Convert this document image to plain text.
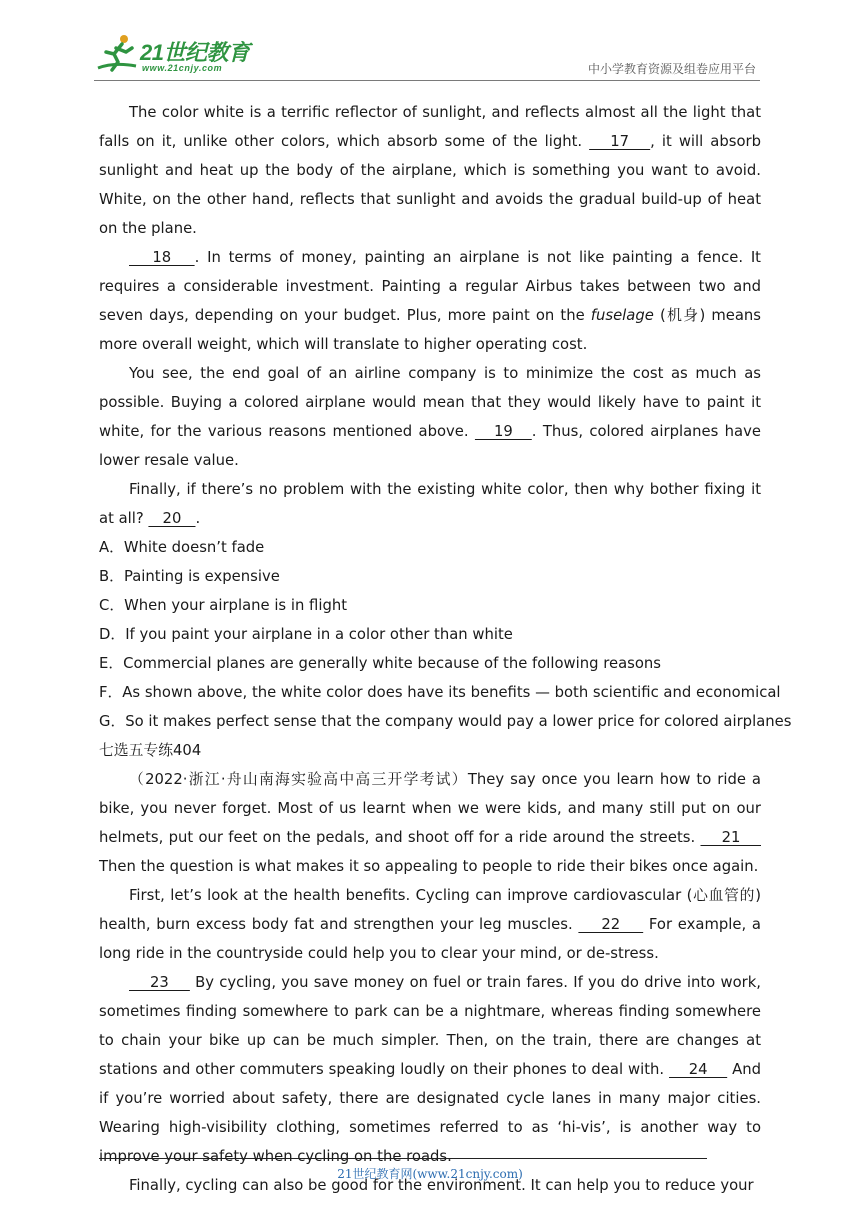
21世纪教育
www.21cnjy.com	中小学教育资源及组卷应用平台

The color white is a terrific reflector of sunlight, and reflects almost all the light that falls on it, unlike other colors, which absorb some of the light.    17   , it will absorb sunlight and heat up the body of the airplane, which is something you want to avoid. White, on the other hand, reflects that sunlight and avoids the gradual build-up of heat on the plane.

18   . In terms of money, painting an airplane is not like painting a fence. It requires a considerable investment. Painting a regular Airbus takes between two and seven days, depending on your budget. Plus, more paint on the fuselage (机身) means more overall weight, which will translate to higher operating cost.

You see, the end goal of an airline company is to minimize the cost as much as possible. Buying a colored airplane would mean that they would likely have to paint it white, for the various reasons mentioned above.    19   . Thus, colored airplanes have lower resale value.

Finally, if there’s no problem with the existing white color, then why bother fixing it at all?    20   .

A．White doesn’t fade

B．Painting is expensive

C．When your airplane is in flight

D．If you paint your airplane in a color other than white

E．Commercial planes are generally white because of the following reasons

F．As shown above, the white color does have its benefits — both scientific and economical

G．So it makes perfect sense that the company would pay a lower price for colored airplanes

七选五专练404

（2022·浙江·舟山南海实验高中高三开学考试）They say once you learn how to ride a bike, you never forget. Most of us learnt when we were kids, and many still put on our helmets, put our feet on the pedals, and shoot off for a ride around the streets.     21     Then the question is what makes it so appealing to people to ride their bikes once again.

First, let’s look at the health benefits. Cycling can improve cardiovascular (心血管的) health, burn excess body fat and strengthen your leg muscles.     22     For example, a long ride in the countryside could help you to clear your mind, or de-stress.

23     By cycling, you save money on fuel or train fares. If you do drive into work, sometimes finding somewhere to park can be a nightmare, whereas finding somewhere to chain your bike up can be much simpler. Then, on the train, there are changes at stations and other commuters speaking loudly on their phones to deal with.     24     And if you’re worried about safety, there are designated cycle lanes in many major cities. Wearing high-visibility clothing, sometimes referred to as ‘hi-vis’, is another way to improve your safety when cycling on the roads.

Finally, cycling can also be good for the environment. It can help you to reduce your

21世纪教育网(www.21cnjy.com)
